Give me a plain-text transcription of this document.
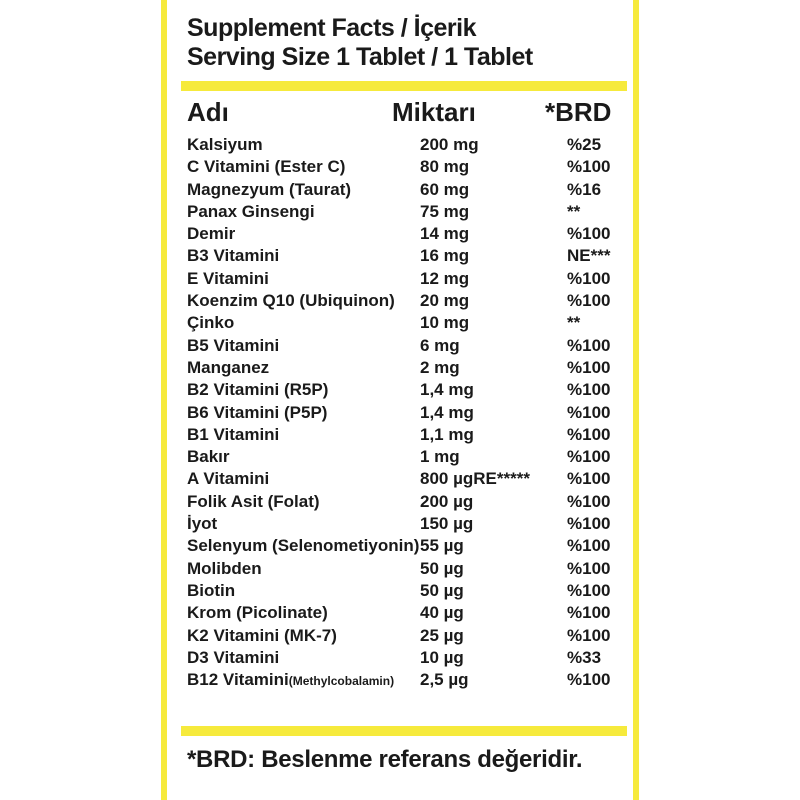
Supplement Facts / İçerik
Serving Size 1 Tablet / 1 Tablet
Adı	Miktarı	*BRD
Kalsiyum	200 mg	%25
C Vitamini (Ester C)	80 mg	%100
Magnezyum (Taurat)	60 mg	%16
Panax Ginsengi	75 mg	**
Demir	14 mg	%100
B3 Vitamini	16 mg	NE***
E Vitamini	12 mg	%100
Koenzim Q10 (Ubiquinon) 20 mg	%100
Çinko	10 mg	**
B5 Vitamini	6 mg	%100
Manganez	2 mg	%100
B2 Vitamini (R5P)	1,4 mg	%100
B6 Vitamini (P5P)	1,4 mg	%100
B1 Vitamini	1,1 mg	%100
Bakır	1 mg	%100
A Vitamini	800 µgRE***** %100
Folik Asit (Folat)	200 µg	%100
İyot	150 µg	%100
Selenyum (Selenometiyonin) 55 µg	%100
Molibden	50 µg	%100
Biotin	50 µg	%100
Krom (Picolinate)	40 µg	%100
K2 Vitamini (MK-7)	25 µg	%100
D3 Vitamini	10 µg	%33
B12 Vitamini(Methylcobalamin) 2,5 µg	%100
*BRD: Beslenme referans değeridir.
